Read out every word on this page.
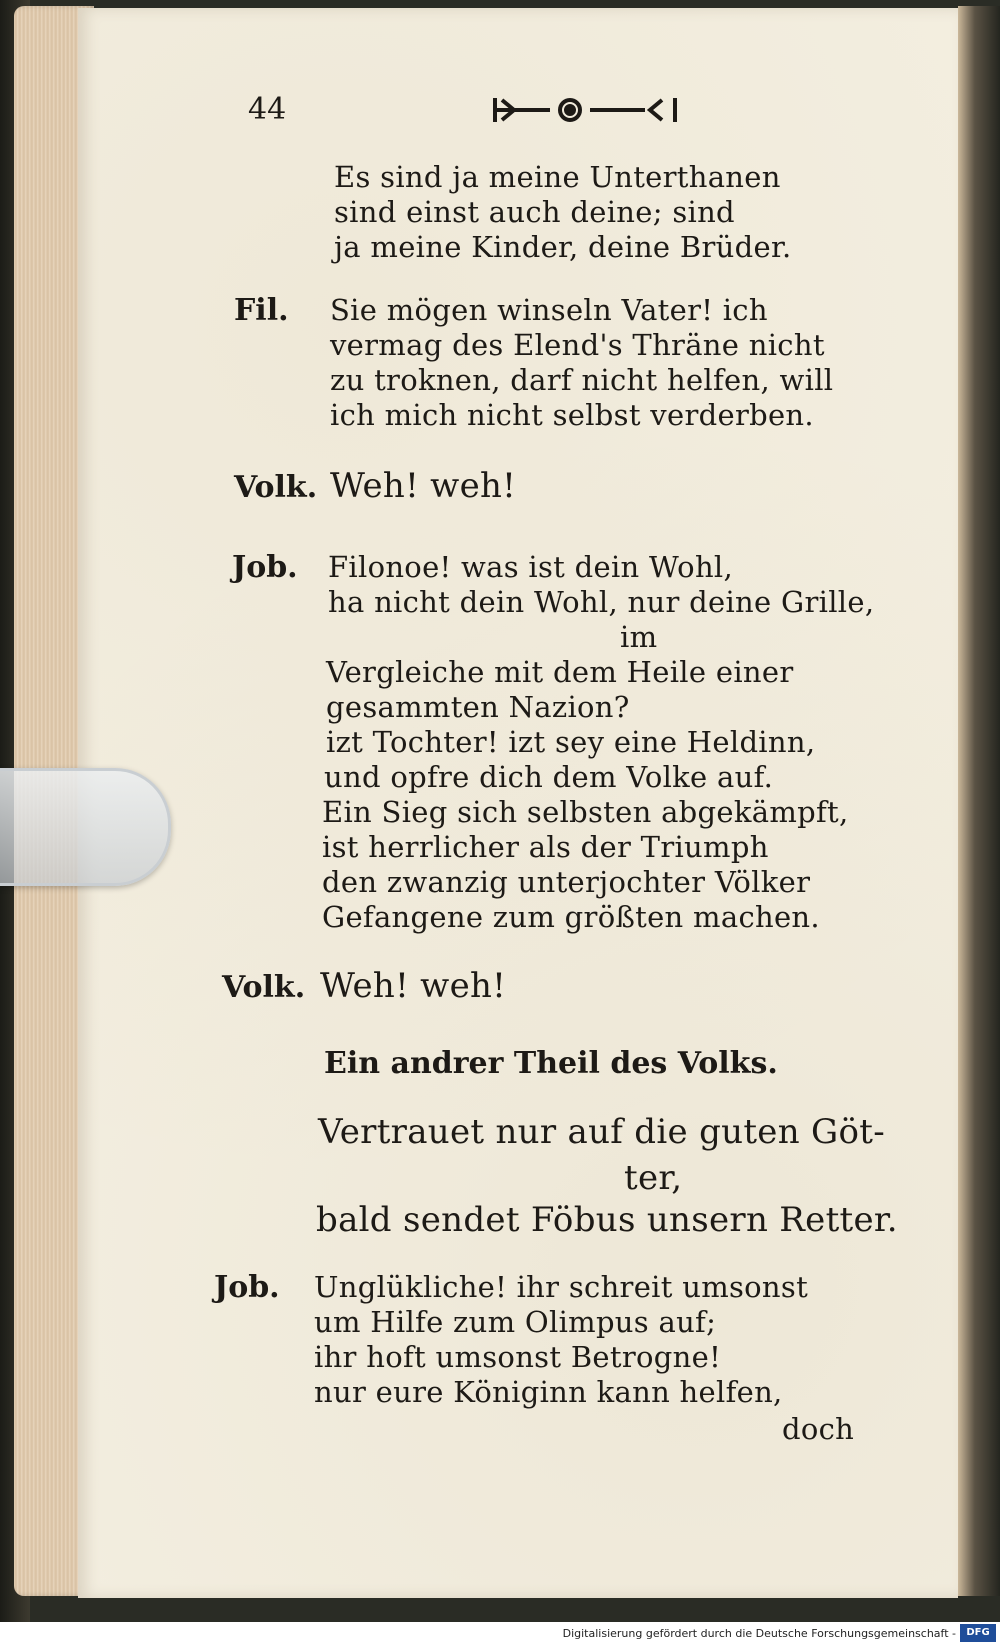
44
Es sind ja meine Unterthanen
sind einst auch deine; sind
ja meine Kinder, deine Brüder.
Fil. Sie mögen winseln Vater! ich
vermag des Elend's Thräne nicht
zu troknen, darf nicht helfen, will
ich mich nicht selbst verderben.
Volk. Weh! weh!
Job. Filonoe! was ist dein Wohl,
ha nicht dein Wohl, nur deine Grille,
im
Vergleiche mit dem Heile einer
gesammten Nazion?
izt Tochter! izt sey eine Heldinn,
und opfre dich dem Volke auf.
Ein Sieg sich selbsten abgekämpft,
ist herrlicher als der Triumph
den zwanzig unterjochter Völker
Gefangene zum größten machen.
Volk. Weh! weh!
Ein andrer Theil des Volks.
Vertrauet nur auf die guten Göt-
ter,
bald sendet Föbus unsern Retter.
Job. Unglükliche! ihr schreit umsonst
um Hilfe zum Olimpus auf;
ihr hoft umsonst Betrogne!
nur eure Königinn kann helfen,
doch
Digitalisierung gefördert durch die Deutsche Forschungsgemeinschaft -	DFG
